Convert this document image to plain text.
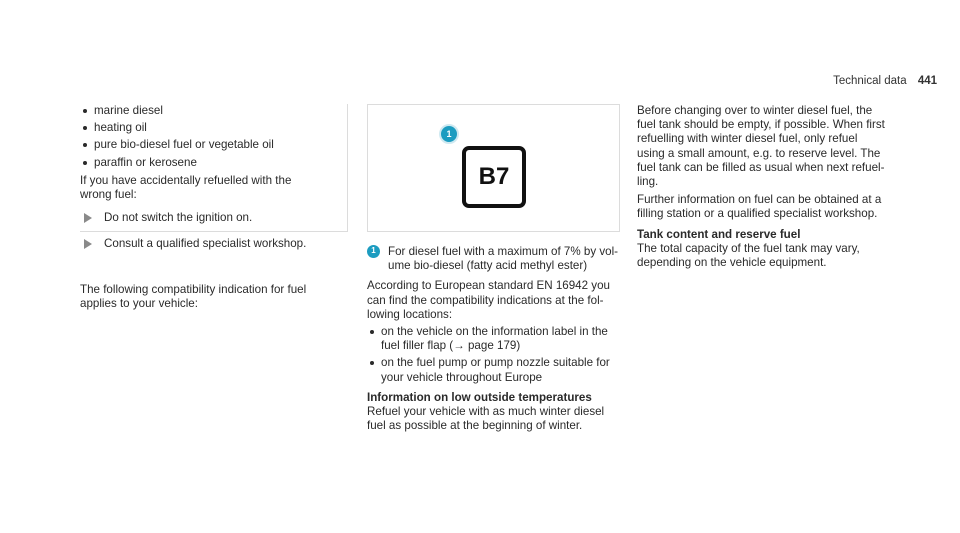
Technical data 441
marine diesel
heating oil
pure bio-diesel fuel or vegetable oil
paraffin or kerosene
If you have accidentally refuelled with the
wrong fuel:
Do not switch the ignition on.
Consult a qualified specialist workshop.
The following compatibility indication for fuel
applies to your vehicle:
1
B7
1	For diesel fuel with a maximum of 7% by vol-
ume bio-diesel (fatty acid methyl ester)
According to European standard EN 16942 you
can find the compatibility indications at the fol-
lowing locations:
on the vehicle on the information label in the
fuel filler flap (→ page 179)
on the fuel pump or pump nozzle suitable for
your vehicle throughout Europe
Information on low outside temperatures
Refuel your vehicle with as much winter diesel
fuel as possible at the beginning of winter.
Before changing over to winter diesel fuel, the
fuel tank should be empty, if possible. When first
refuelling with winter diesel fuel, only refuel
using a small amount, e.g. to reserve level. The
fuel tank can be filled as usual when next refuel-
ling.
Further information on fuel can be obtained at a
filling station or a qualified specialist workshop.
Tank content and reserve fuel
The total capacity of the fuel tank may vary,
depending on the vehicle equipment.
